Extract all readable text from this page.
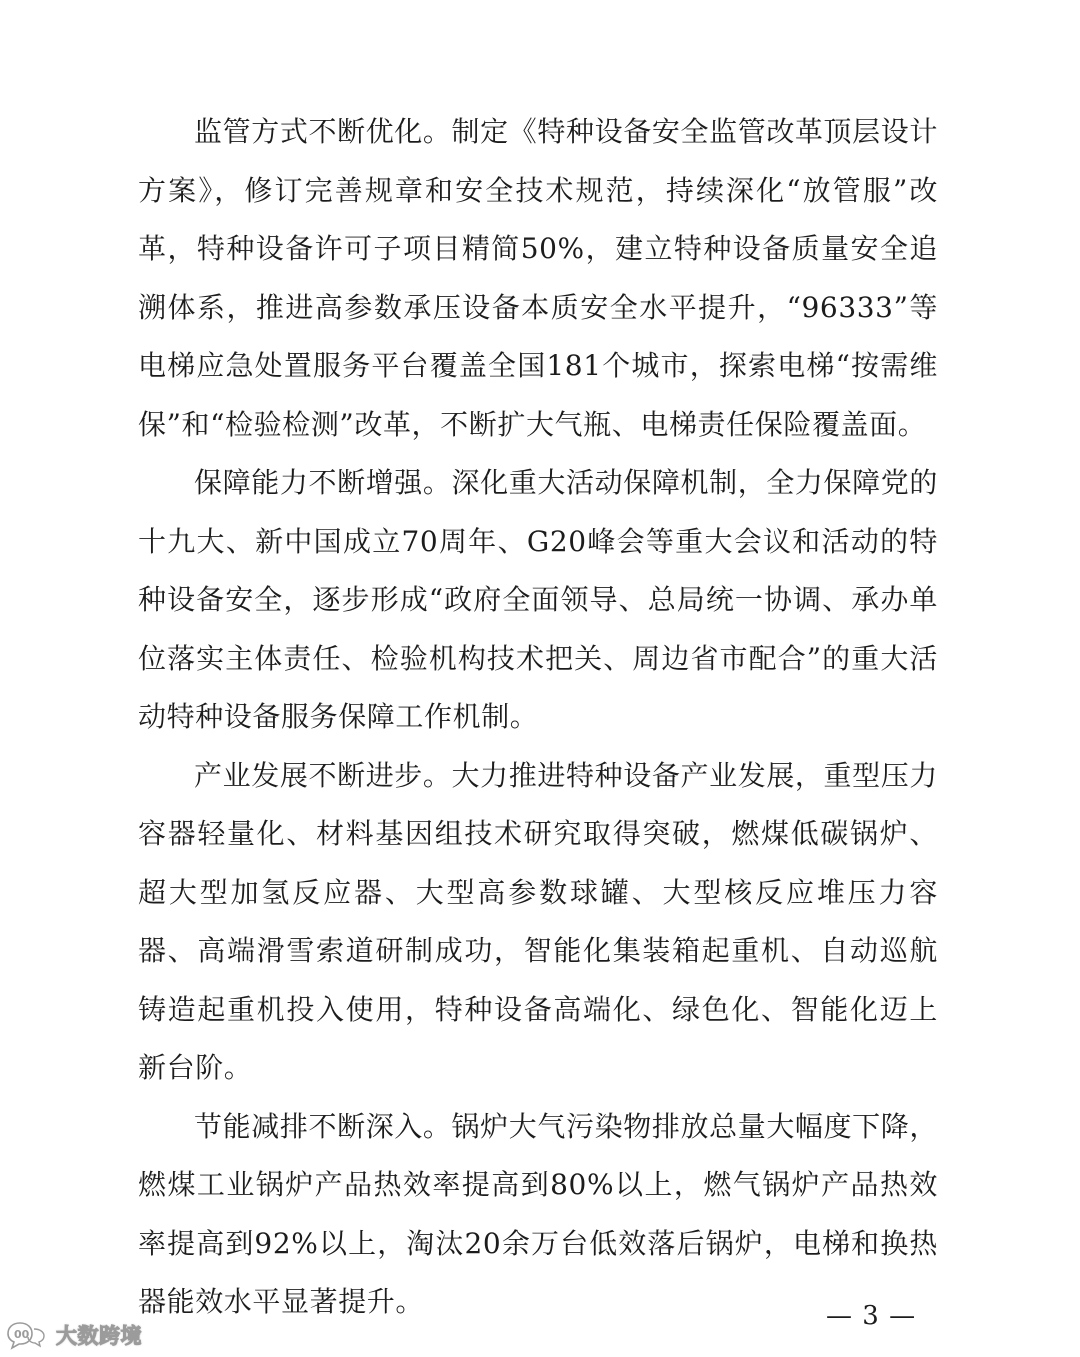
监管方式不断优化。制定《特种设备安全监管改革顶层设计方案》，修订完善规章和安全技术规范，持续深化“放管服”改革，特种设备许可子项目精简50%，建立特种设备质量安全追溯体系，推进高参数承压设备本质安全水平提升，“96333”等电梯应急处置服务平台覆盖全国181个城市，探索电梯“按需维保”和“检验检测”改革，不断扩大气瓶、电梯责任保险覆盖面。

保障能力不断增强。深化重大活动保障机制，全力保障党的十九大、新中国成立70周年、G20峰会等重大会议和活动的特种设备安全，逐步形成“政府全面领导、总局统一协调、承办单位落实主体责任、检验机构技术把关、周边省市配合”的重大活动特种设备服务保障工作机制。

产业发展不断进步。大力推进特种设备产业发展，重型压力容器轻量化、材料基因组技术研究取得突破，燃煤低碳锅炉、超大型加氢反应器、大型高参数球罐、大型核反应堆压力容器、高端滑雪索道研制成功，智能化集装箱起重机、自动巡航铸造起重机投入使用，特种设备高端化、绿色化、智能化迈上新台阶。

节能减排不断深入。锅炉大气污染物排放总量大幅度下降，燃煤工业锅炉产品热效率提高到80%以上，燃气锅炉产品热效率提高到92%以上，淘汰20余万台低效落后锅炉，电梯和换热器能效水平显著提升。	— 3 —
00 大数跨境
